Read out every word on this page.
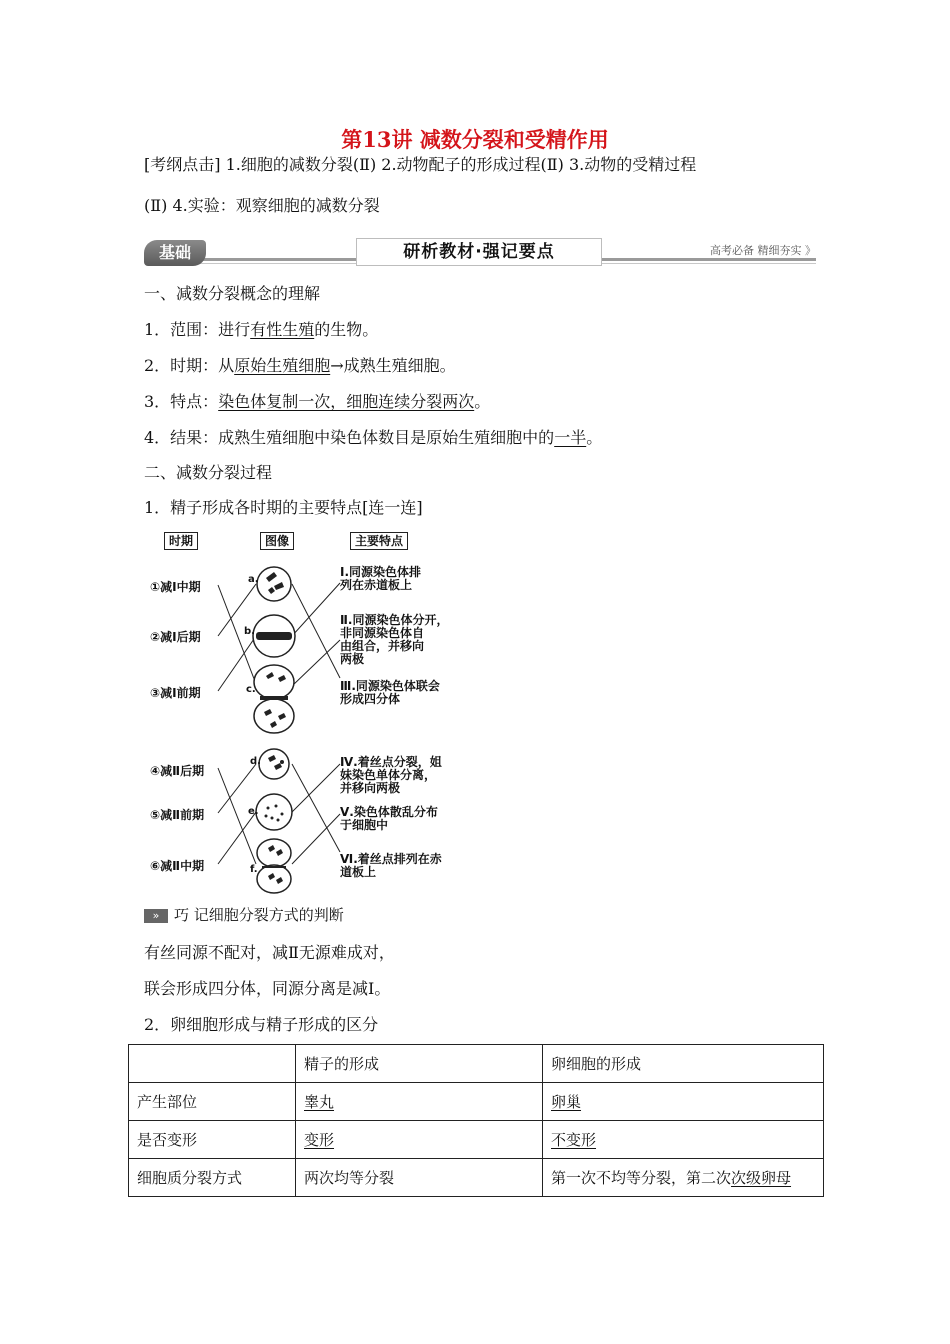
第13讲 减数分裂和受精作用
[考纲点击] 1.细胞的减数分裂(Ⅱ) 2.动物配子的形成过程(Ⅱ) 3.动物的受精过程
(Ⅱ) 4.实验：观察细胞的减数分裂
基础	研析教材·强记要点	高考必备 精细夯实 》
一、减数分裂概念的理解
1．范围：进行有性生殖的生物。
2．时期：从原始生殖细胞→成熟生殖细胞。
3．特点：染色体复制一次，细胞连续分裂两次。
4．结果：成熟生殖细胞中染色体数目是原始生殖细胞中的一半。
二、减数分裂过程
1．精子形成各时期的主要特点[连一连]
时期	图像	主要特点
①减Ⅰ中期
②减Ⅰ后期
③减Ⅰ前期
④减Ⅱ后期
⑤减Ⅱ前期
⑥减Ⅱ中期
a.
b.
c.
d.
e.
f.
Ⅰ.同源染色体排
列在赤道板上
Ⅱ.同源染色体分开，
非同源染色体自
由组合，并移向
两极
Ⅲ.同源染色体联会
形成四分体
Ⅳ.着丝点分裂，姐
妹染色单体分离，
并移向两极
Ⅴ.染色体散乱分布
于细胞中
Ⅵ.着丝点排列在赤
道板上
» 巧 记细胞分裂方式的判断
有丝同源不配对，减Ⅱ无源难成对，
联会形成四分体，同源分离是减Ⅰ。
2．卵细胞形成与精子形成的区分
	精子的形成	卵细胞的形成
产生部位	睾丸	卵巢
是否变形	变形	不变形
细胞质分裂方式	两次均等分裂	第一次不均等分裂，第二次次级卵母
